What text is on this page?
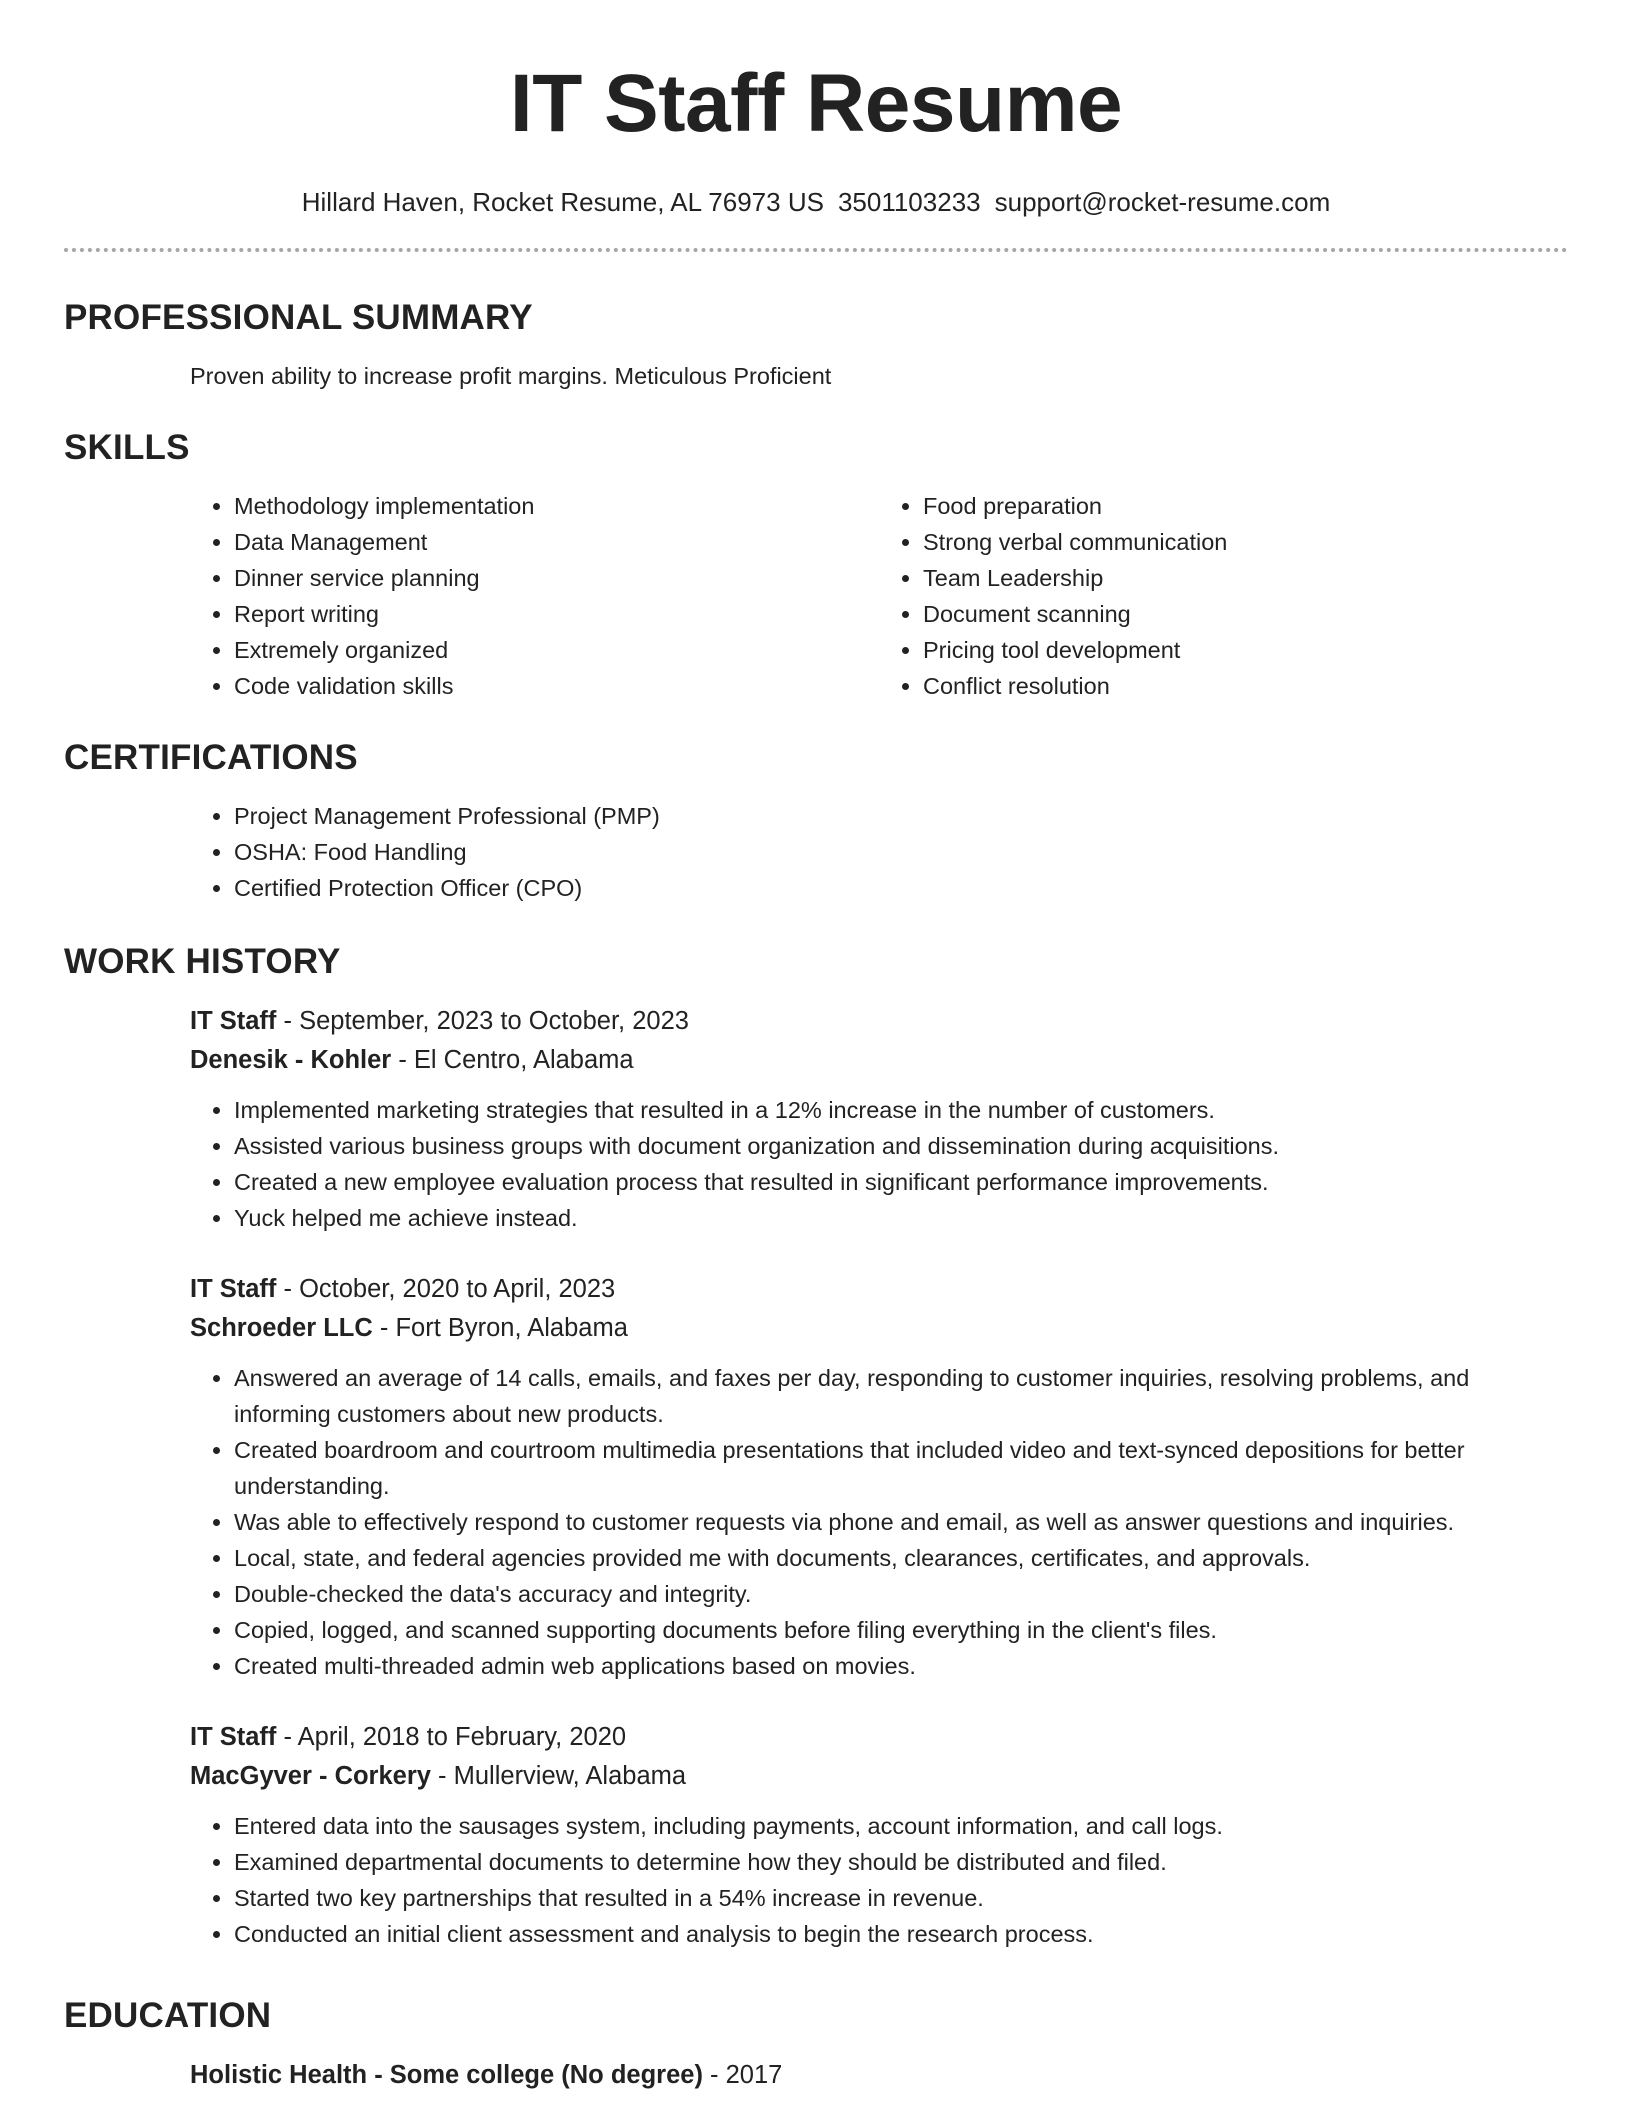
IT Staff Resume
Hillard Haven, Rocket Resume, AL 76973 US 3501103233 support@rocket-resume.com
PROFESSIONAL SUMMARY

Proven ability to increase profit margins. Meticulous Proficient

SKILLS
• Methodology implementation
• Data Management
• Dinner service planning
• Report writing
• Extremely organized
• Code validation skills
• Food preparation
• Strong verbal communication
• Team Leadership
• Document scanning
• Pricing tool development
• Conflict resolution
CERTIFICATIONS
• Project Management Professional (PMP)
• OSHA: Food Handling
• Certified Protection Officer (CPO)
WORK HISTORY
IT Staff - September, 2023 to October, 2023
Denesik - Kohler - El Centro, Alabama
• Implemented marketing strategies that resulted in a 12% increase in the number of customers.
• Assisted various business groups with document organization and dissemination during acquisitions.
• Created a new employee evaluation process that resulted in significant performance improvements.
• Yuck helped me achieve instead.
IT Staff - October, 2020 to April, 2023
Schroeder LLC - Fort Byron, Alabama
• Answered an average of 14 calls, emails, and faxes per day, responding to customer inquiries, resolving problems, and informing customers about new products.
• Created boardroom and courtroom multimedia presentations that included video and text-synced depositions for better understanding.
• Was able to effectively respond to customer requests via phone and email, as well as answer questions and inquiries.
• Local, state, and federal agencies provided me with documents, clearances, certificates, and approvals.
• Double-checked the data's accuracy and integrity.
• Copied, logged, and scanned supporting documents before filing everything in the client's files.
• Created multi-threaded admin web applications based on movies.
IT Staff - April, 2018 to February, 2020
MacGyver - Corkery - Mullerview, Alabama
• Entered data into the sausages system, including payments, account information, and call logs.
• Examined departmental documents to determine how they should be distributed and filed.
• Started two key partnerships that resulted in a 54% increase in revenue.
• Conducted an initial client assessment and analysis to begin the research process.
EDUCATION
Holistic Health - Some college (No degree) - 2017
